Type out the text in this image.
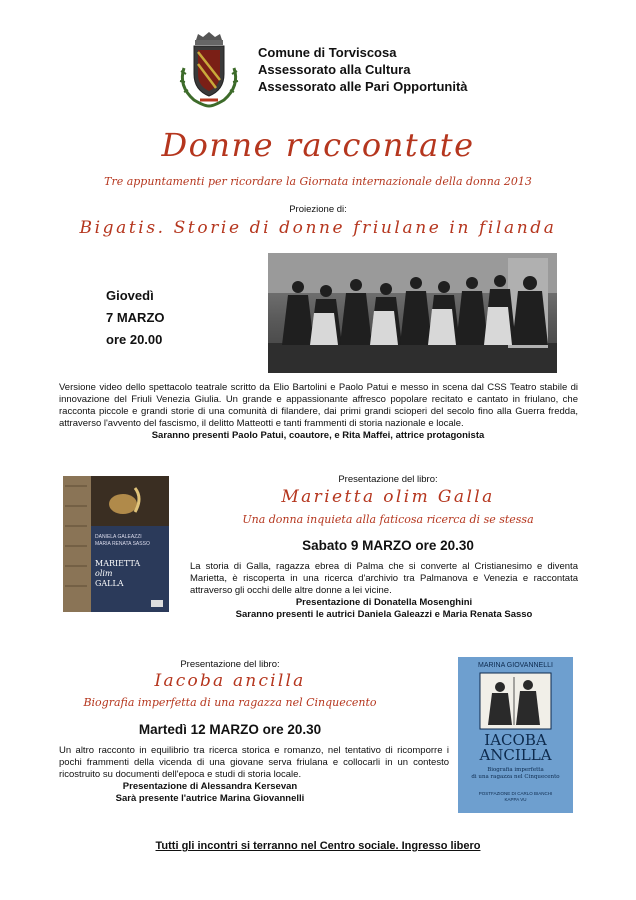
Comune di Torviscosa
Assessorato alla Cultura
Assessorato alle Pari Opportunità
Donne raccontate
Tre appuntamenti per ricordare la Giornata internazionale della donna 2013
Proiezione di:
Bigatis. Storie di donne friulane in filanda
Giovedì
7 MARZO
ore 20.00
Versione video dello spettacolo teatrale scritto da Elio Bartolini e Paolo Patui e messo in scena dal CSS Teatro stabile di innovazione del Friuli Venezia Giulia. Un grande e appassionante affresco popolare recitato e cantato in friulano, che racconta piccole e grandi storie di una comunità di filandere, dai primi grandi scioperi del secolo fino alla Guerra fredda, attraverso l'avvento del fascismo, il delitto Matteotti e tanti frammenti di storia nazionale e locale.
Saranno presenti Paolo Patui, coautore, e Rita Maffei, attrice protagonista
DANIELA GALEAZZI
MARIA RENATA SASSO
MARIETTA
olim
GALLA
Presentazione del libro:
Marietta olim Galla
Una donna inquieta alla faticosa ricerca di se stessa
Sabato 9 MARZO ore 20.30
La storia di Galla, ragazza ebrea di Palma che si converte al Cristianesimo e diventa Marietta, è riscoperta in una ricerca d'archivio tra Palmanova e Venezia e raccontata attraverso gli occhi delle altre donne a lei vicine.
Presentazione di Donatella Mosenghini
Saranno presenti le autrici Daniela Galeazzi e Maria Renata Sasso
Presentazione del libro:
Iacoba ancilla
Biografia imperfetta di una ragazza nel Cinquecento
Martedì 12 MARZO ore 20.30
Un altro racconto in equilibrio tra ricerca storica e romanzo, nel tentativo di ricomporre i pochi frammenti della vicenda di una giovane serva friulana e collocarli in un contesto ricostruito su documenti dell'epoca e studi di storia locale.
Presentazione di Alessandra Kersevan
Sarà presente l'autrice Marina Giovannelli
MARINA GIOVANNELLI
IACOBA
ANCILLA
Biografia imperfetta
di una ragazza nel Cinquecento
POSTFAZIONE DI CARLO BIANCHI
KAPPA VU
Tutti gli incontri si terranno nel Centro sociale. Ingresso libero
